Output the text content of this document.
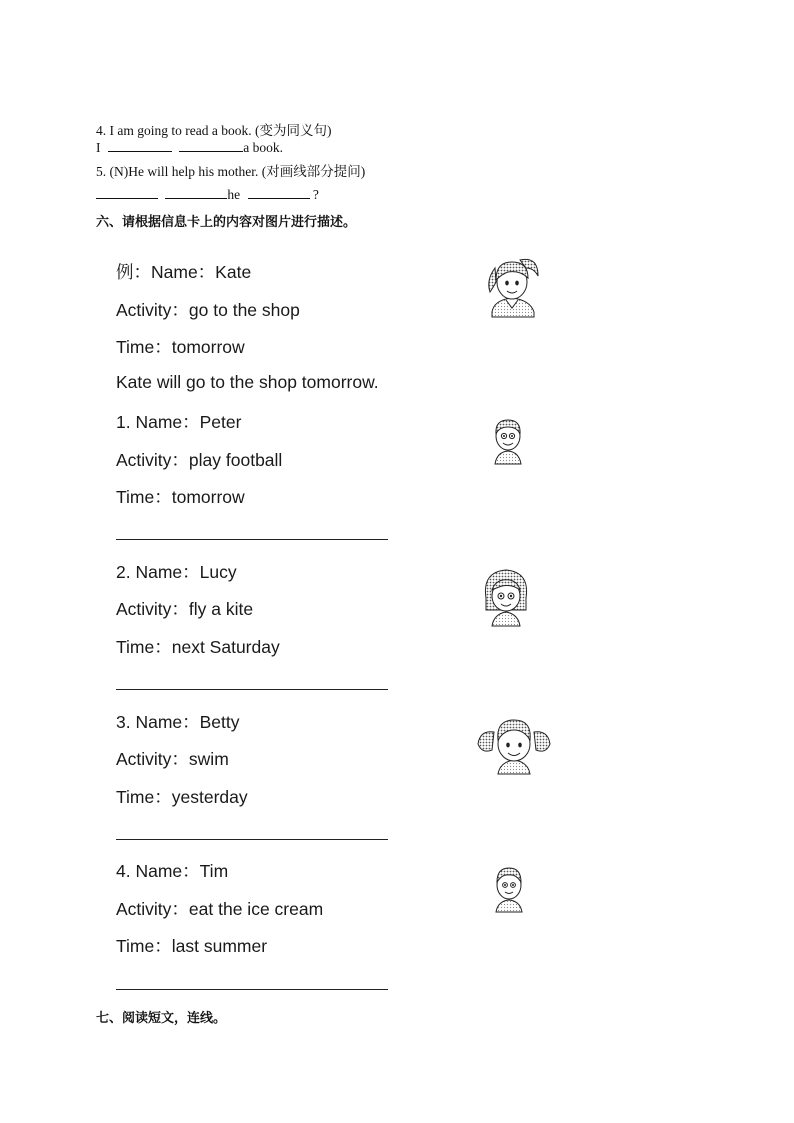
4. I am going to read a book. (变为同义句)
I	a book.
5. (N)He will help his mother. (对画线部分提问)
he	?
六、请根据信息卡上的内容对图片进行描述。
例：Name：Kate
Activity：go to the shop
Time：tomorrow
Kate will go to the shop tomorrow.
1. Name：Peter
Activity：play football
Time：tomorrow
2. Name：Lucy
Activity：fly a kite
Time：next Saturday
3. Name：Betty
Activity：swim
Time：yesterday
4. Name：Tim
Activity：eat the ice cream
Time：last summer
七、阅读短文，连线。
